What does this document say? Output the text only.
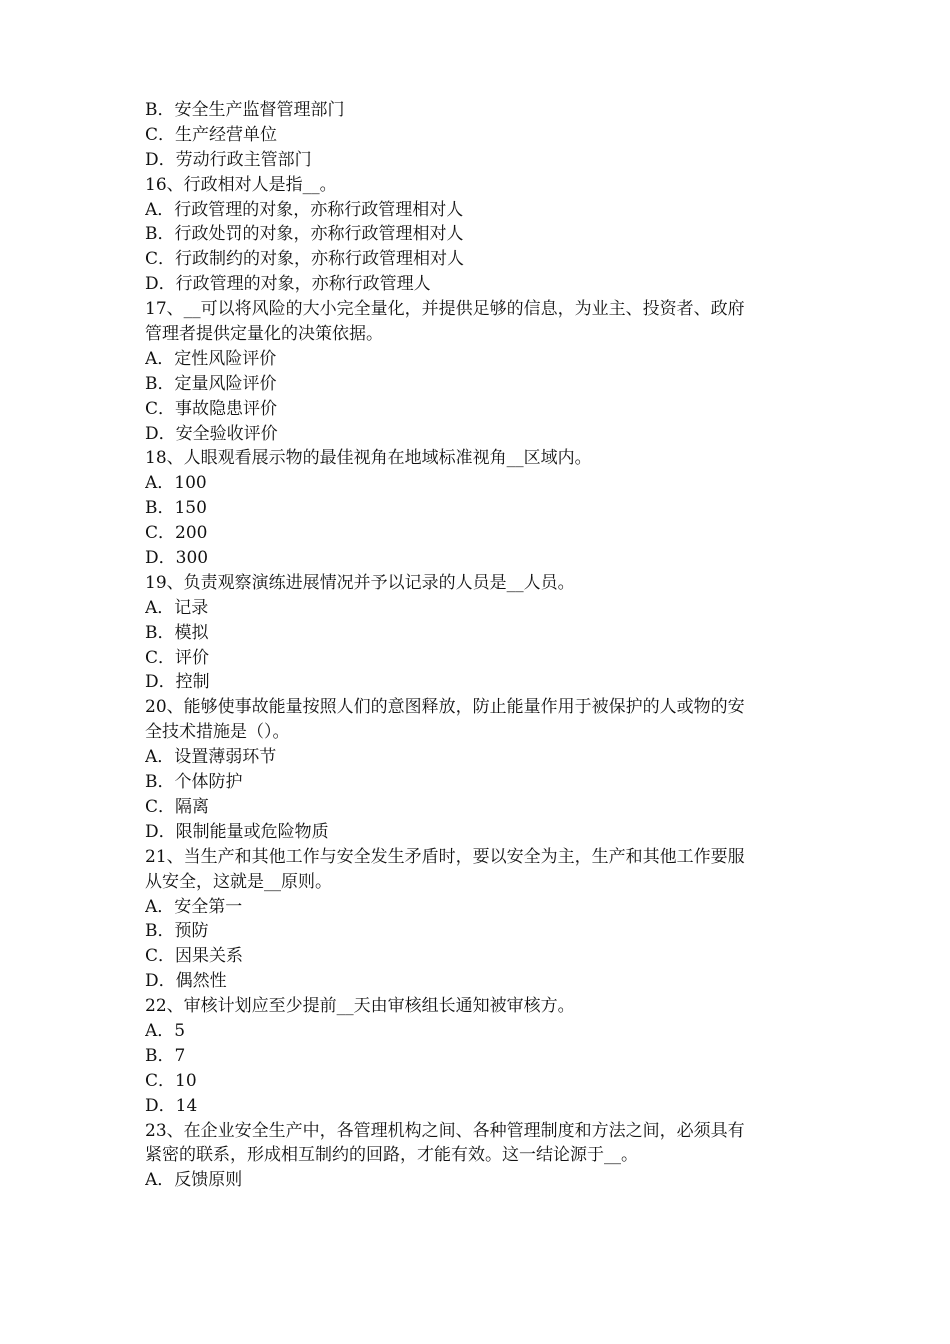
B．安全生产监督管理部门
C．生产经营单位
D．劳动行政主管部门
16、行政相对人是指__。
A．行政管理的对象，亦称行政管理相对人
B．行政处罚的对象，亦称行政管理相对人
C．行政制约的对象，亦称行政管理相对人
D．行政管理的对象，亦称行政管理人
17、__可以将风险的大小完全量化，并提供足够的信息，为业主、投资者、政府
管理者提供定量化的决策依据。
A．定性风险评价
B．定量风险评价
C．事故隐患评价
D．安全验收评价
18、人眼观看展示物的最佳视角在地域标准视角__区域内。
A．100
B．150
C．200
D．300
19、负责观察演练进展情况并予以记录的人员是__人员。
A．记录
B．模拟
C．评价
D．控制
20、能够使事故能量按照人们的意图释放，防止能量作用于被保护的人或物的安
全技术措施是（）。
A．设置薄弱环节
B．个体防护
C．隔离
D．限制能量或危险物质
21、当生产和其他工作与安全发生矛盾时，要以安全为主，生产和其他工作要服
从安全，这就是__原则。
A．安全第一
B．预防
C．因果关系
D．偶然性
22、审核计划应至少提前__天由审核组长通知被审核方。
A．5
B．7
C．10
D．14
23、在企业安全生产中，各管理机构之间、各种管理制度和方法之间，必须具有
紧密的联系，形成相互制约的回路，才能有效。这一结论源于__。
A．反馈原则
